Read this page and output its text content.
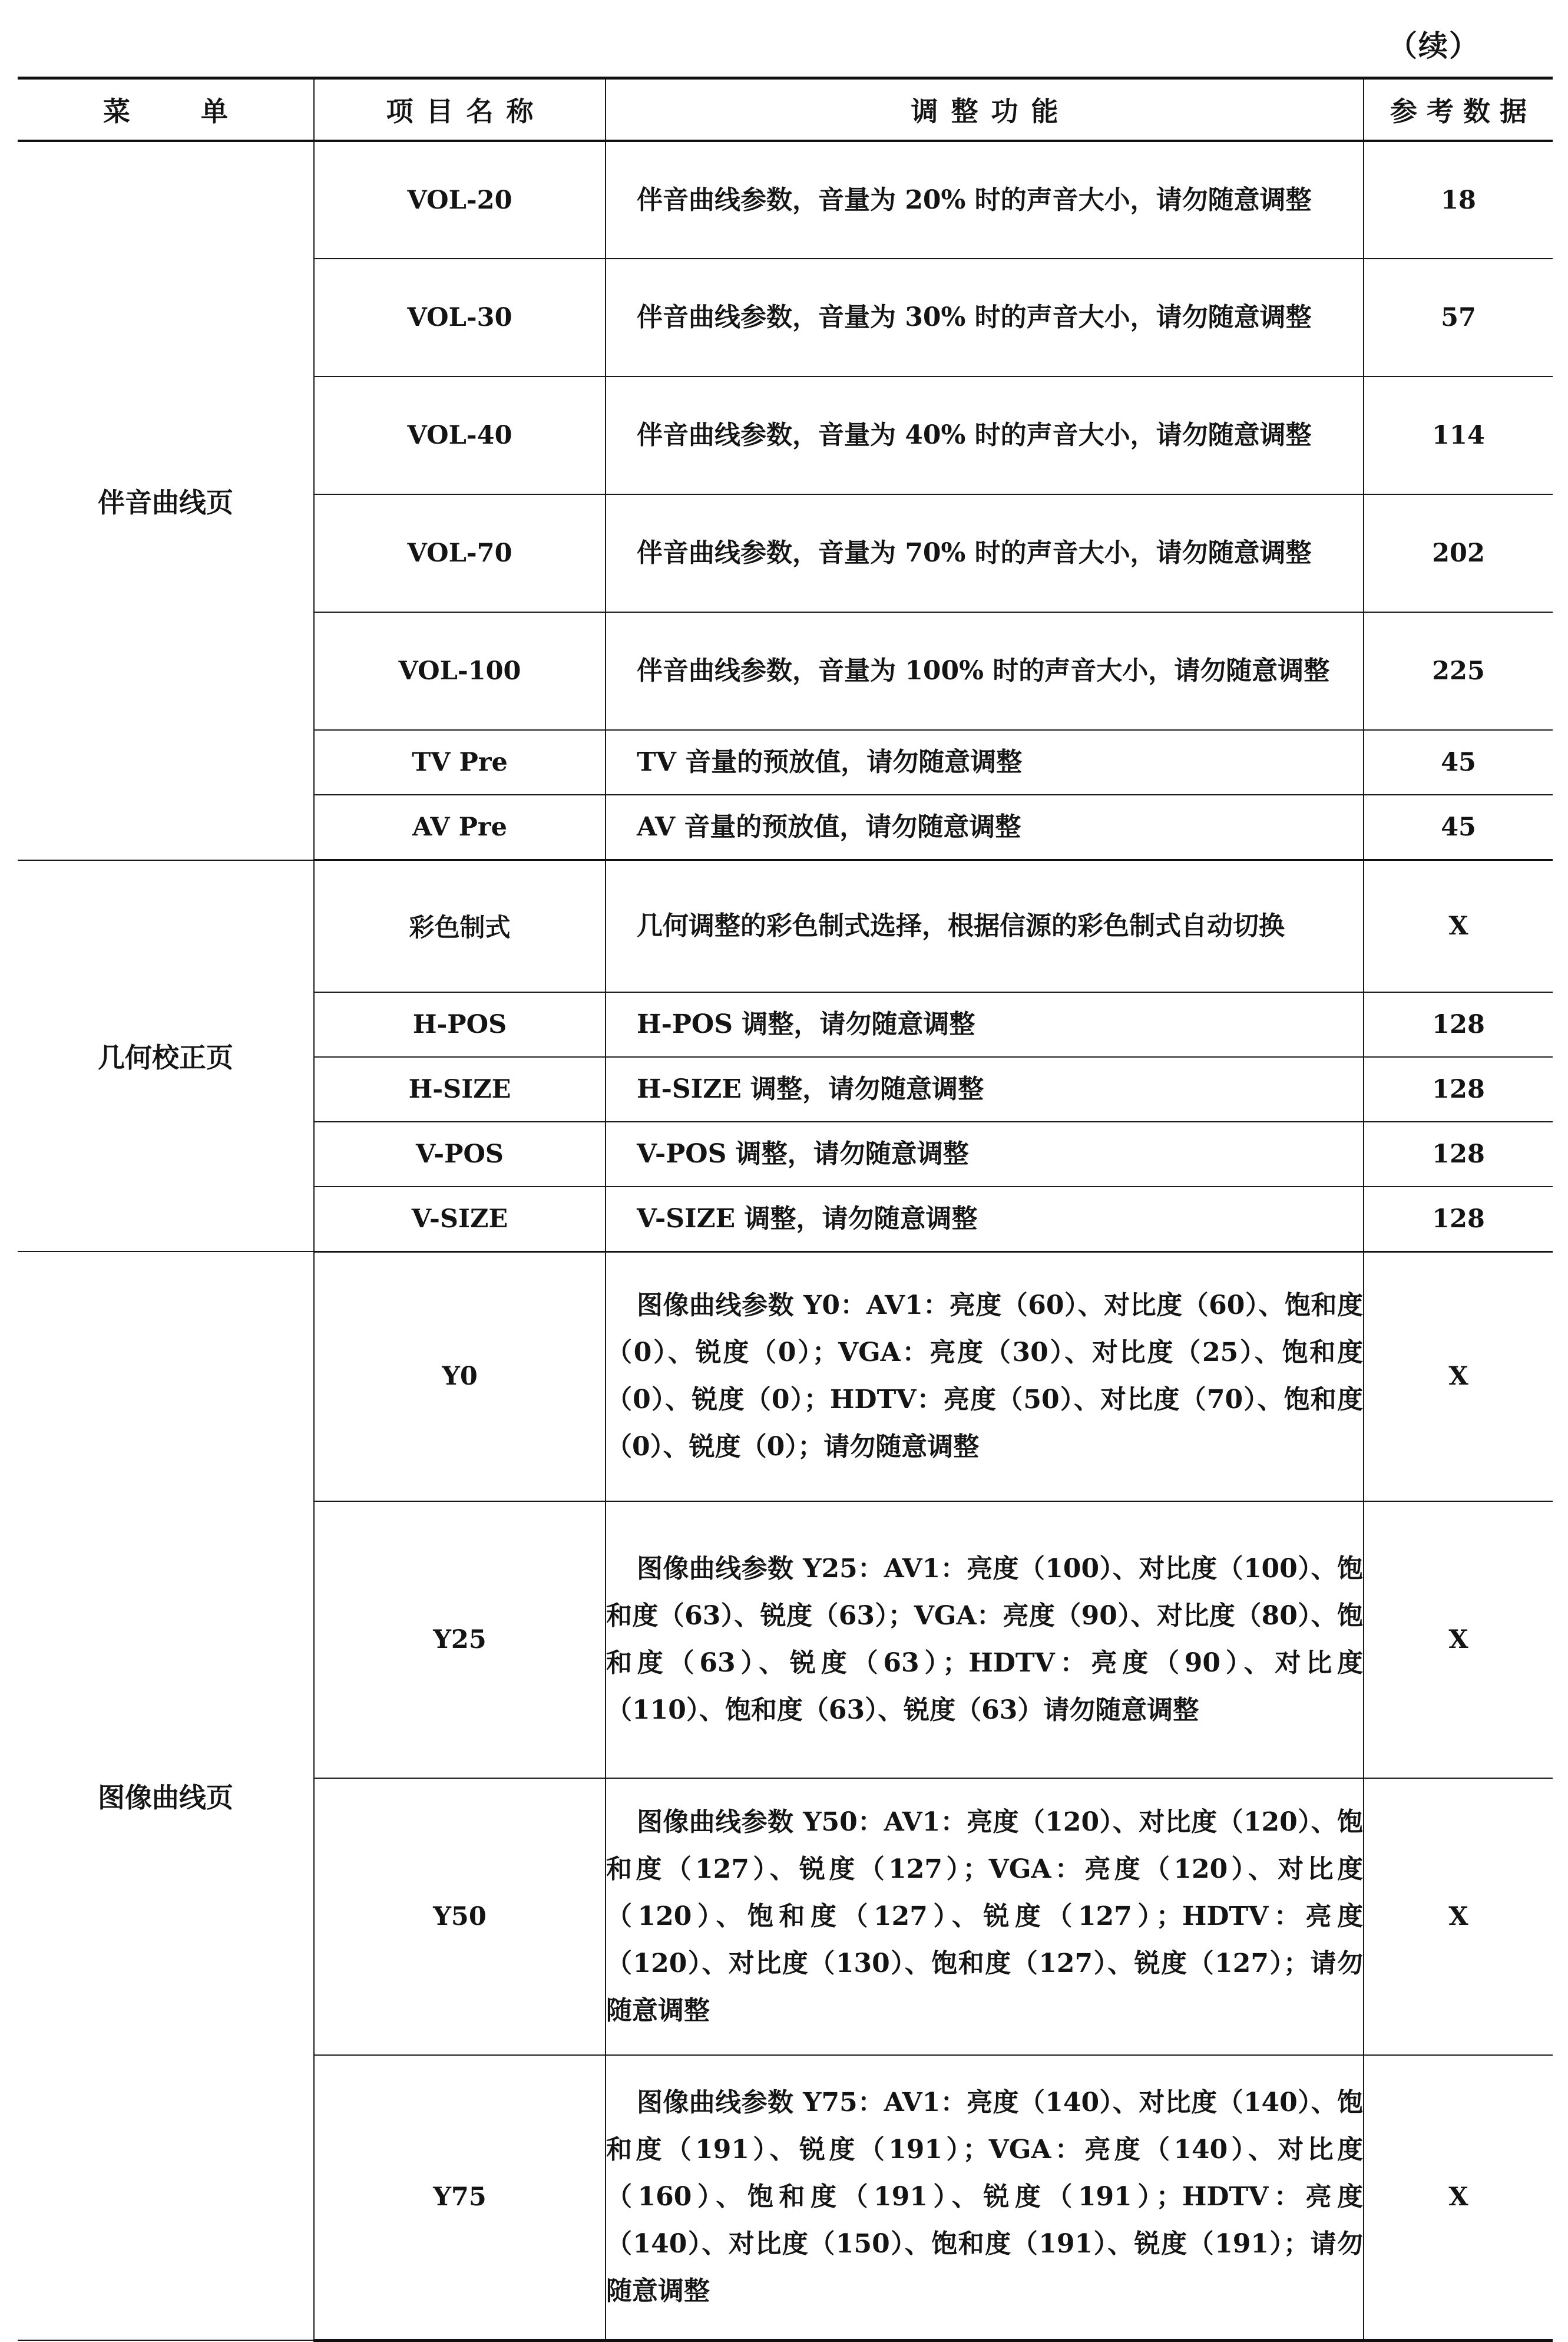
（续）
菜单	项目名称	调整功能	参考数据
伴音曲线页	VOL-20	伴音曲线参数，音量为 20% 时的声音大小，请勿随意调整	18
	VOL-30	伴音曲线参数，音量为 30% 时的声音大小，请勿随意调整	57
	VOL-40	伴音曲线参数，音量为 40% 时的声音大小，请勿随意调整	114
	VOL-70	伴音曲线参数，音量为 70% 时的声音大小，请勿随意调整	202
	VOL-100	伴音曲线参数，音量为 100% 时的声音大小，请勿随意调整	225
	TV Pre	TV 音量的预放值，请勿随意调整	45
	AV Pre	AV 音量的预放值，请勿随意调整	45
几何校正页	彩色制式	几何调整的彩色制式选择，根据信源的彩色制式自动切换	X
	H-POS	H-POS 调整，请勿随意调整	128
	H-SIZE	H-SIZE 调整，请勿随意调整	128
	V-POS	V-POS 调整，请勿随意调整	128
	V-SIZE	V-SIZE 调整，请勿随意调整	128
图像曲线页	Y0	图像曲线参数 Y0：AV1：亮度（60）、对比度（60）、饱和度（0）、锐度（0）；VGA：亮度（30）、对比度（25）、饱和度（0）、锐度（0）；HDTV：亮度（50）、对比度（70）、饱和度（0）、锐度（0）；请勿随意调整	X
	Y25	图像曲线参数 Y25：AV1：亮度（100）、对比度（100）、饱和度（63）、锐度（63）；VGA：亮度（90）、对比度（80）、饱和度（63）、锐度（63）；HDTV：亮度（90）、对比度（110）、饱和度（63）、锐度（63）请勿随意调整	X
	Y50	图像曲线参数 Y50：AV1：亮度（120）、对比度（120）、饱和度（127）、锐度（127）；VGA：亮度（120）、对比度（120）、饱和度（127）、锐度（127）；HDTV：亮度（120）、对比度（130）、饱和度（127）、锐度（127）；请勿随意调整	X
	Y75	图像曲线参数 Y75：AV1：亮度（140）、对比度（140）、饱和度（191）、锐度（191）；VGA：亮度（140）、对比度（160）、饱和度（191）、锐度（191）；HDTV：亮度（140）、对比度（150）、饱和度（191）、锐度（191）；请勿随意调整	X
